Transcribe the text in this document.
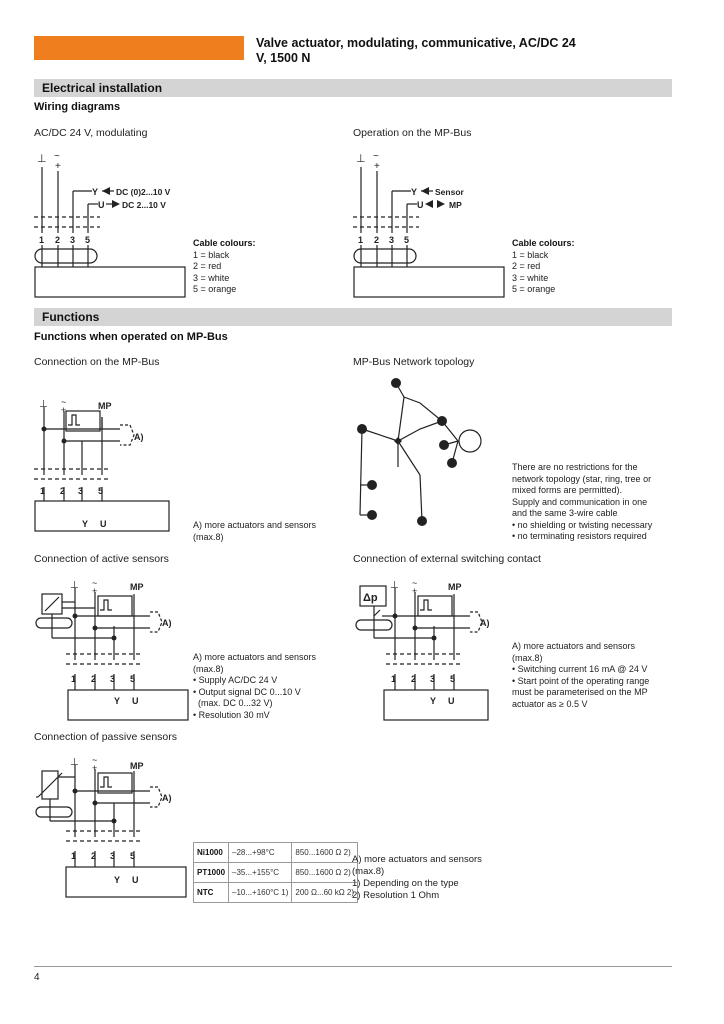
Valve actuator, modulating, communicative, AC/DC 24
V, 1500 N
Electrical installation
Wiring diagrams
AC/DC 24 V, modulating	Operation on the MP-Bus
⊥ ~
+
Y DC (0)2...10 V
U DC 2...10 V
1 2 3 5	Cable colours:
1 = black
2 = red
3 = white
5 = orange
⊥ ~
+
Y Sensor
U	MP
1 2 3 5	Cable colours:
1 = black
2 = red
3 = white
5 = orange
Functions
Functions when operated on MP-Bus
Connection on the MP-Bus	MP-Bus Network topology
⊥ ~
+	MP
A)
1 2 3 5
Y U	A) more actuators and sensors
(max.8)
There are no restrictions for the
network topology (star, ring, tree or
mixed forms are permitted).
Supply and communication in one
and the same 3-wire cable
• no shielding or twisting necessary
• no terminating resistors required
Connection of active sensors	Connection of external switching contact
⊥ ~
+	MP
A)
1 2 3 5
Y U
A) more actuators and sensors
(max.8)
• Supply AC/DC 24 V
• Output signal DC 0...10 V
(max. DC 0...32 V)
• Resolution 30 mV
Δp
⊥ ~
+	MP
A)
1 2 3 5
Y U
A) more actuators and sensors
(max.8)
• Switching current 16 mA @ 24 V
• Start point of the operating range
must be parameterised on the MP
actuator as ≥ 0.5 V
Connection of passive sensors
⊥ ~
+	MP
A)
1 2 3 5
Y U
Ni1000	–28...+98°C	850...1600 Ω 2)
PT1000	–35...+155°C	850...1600 Ω 2)
NTC	–10...+160°C 1)	200 Ω...60 kΩ 2)
A) more actuators and sensors
(max.8)
1) Depending on the type
2) Resolution 1 Ohm
4
